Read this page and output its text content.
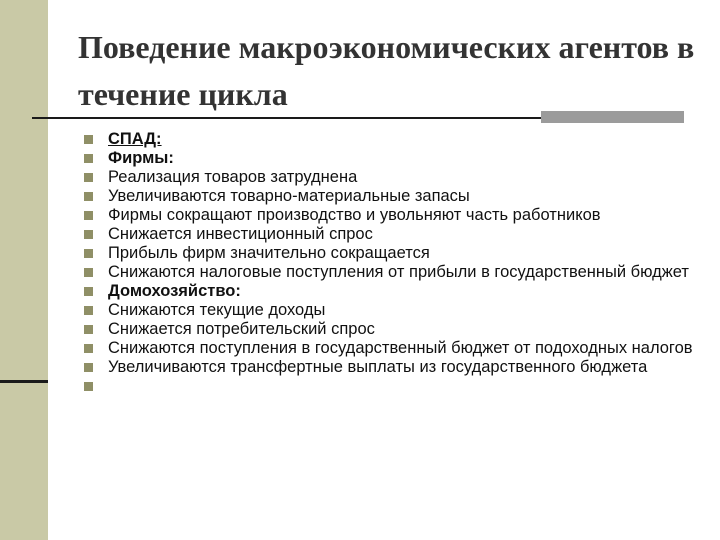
Поведение макроэкономических агентов в течение цикла
СПАД:
Фирмы:
Реализация товаров затруднена
Увеличиваются товарно-материальные запасы
Фирмы сокращают производство и увольняют часть работников
Снижается инвестиционный спрос
Прибыль фирм значительно сокращается
Снижаются налоговые поступления от прибыли в государственный бюджет
Домохозяйство:
Снижаются текущие доходы
Снижается потребительский спрос
Снижаются поступления в государственный бюджет от подоходных налогов
Увеличиваются трансфертные выплаты из государственного бюджета
